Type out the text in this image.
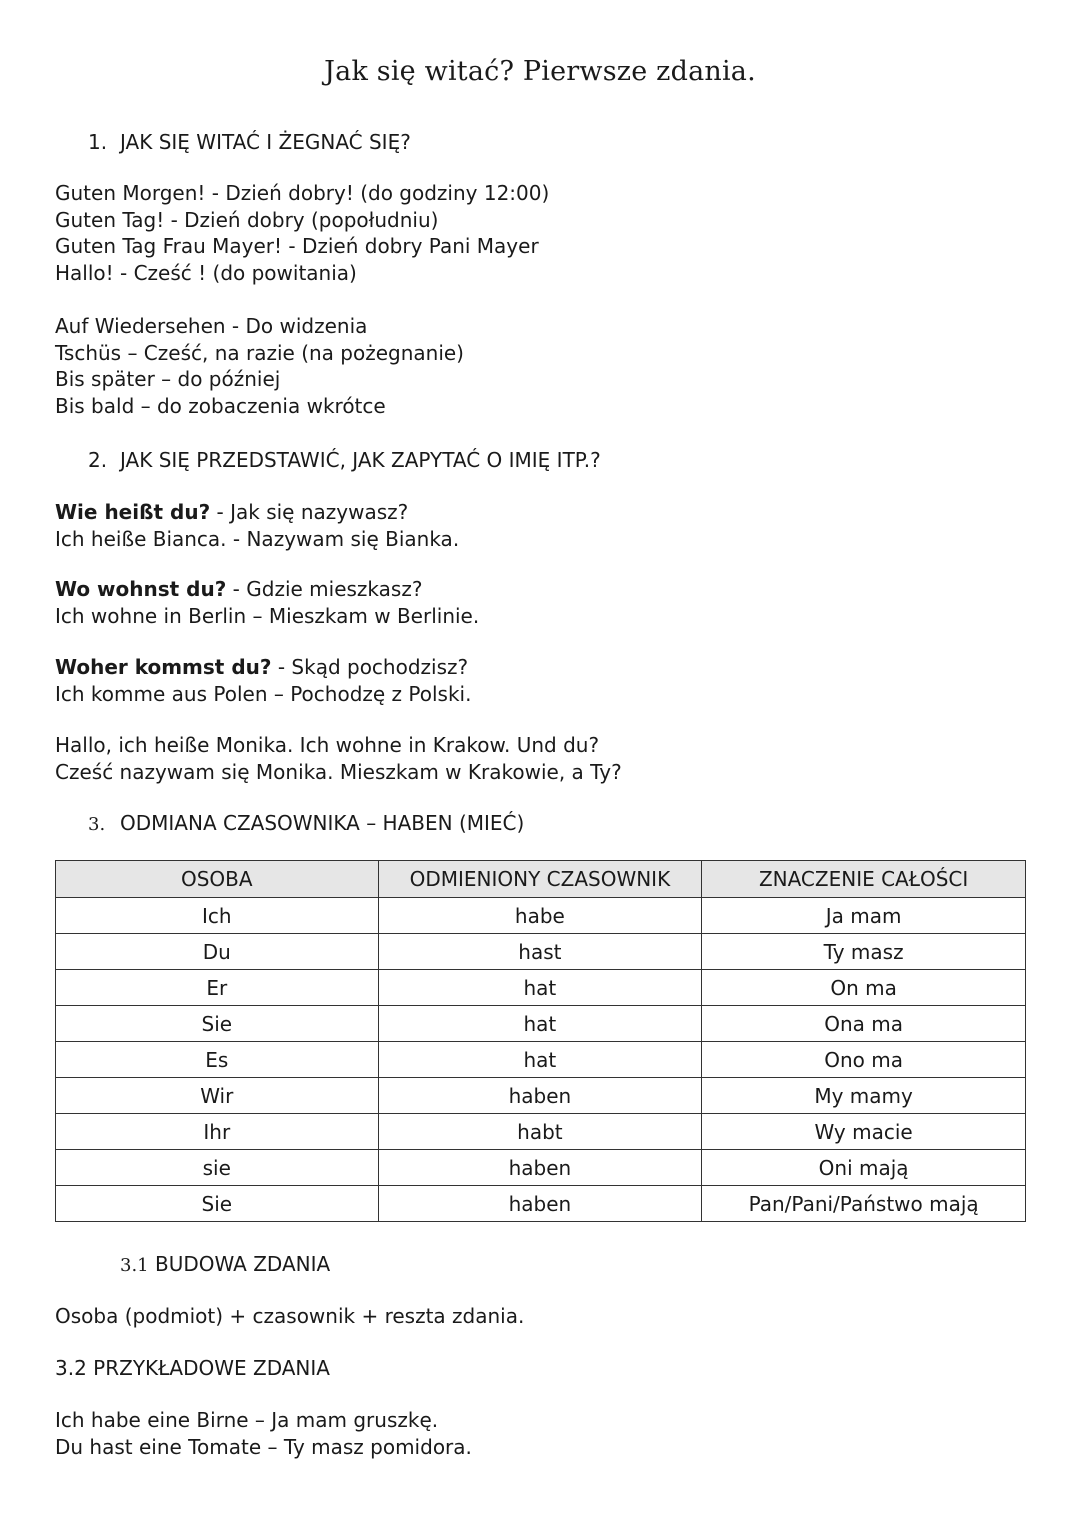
Jak się witać? Pierwsze zdania.
1. JAK SIĘ WITAĆ I ŻEGNAĆ SIĘ?
Guten Morgen! - Dzień dobry! (do godziny 12:00)
Guten Tag! - Dzień dobry (popołudniu)
Guten Tag Frau Mayer! - Dzień dobry Pani Mayer
Hallo! - Cześć ! (do powitania)
Auf Wiedersehen - Do widzenia
Tschüs – Cześć, na razie (na pożegnanie)
Bis später – do później
Bis bald – do zobaczenia wkrótce
2. JAK SIĘ PRZEDSTAWIĆ, JAK ZAPYTAĆ O IMIĘ ITP.?
Wie heißt du? - Jak się nazywasz?
Ich heiße Bianca. - Nazywam się Bianka.
Wo wohnst du? - Gdzie mieszkasz?
Ich wohne in Berlin – Mieszkam w Berlinie.
Woher kommst du? - Skąd pochodzisz?
Ich komme aus Polen – Pochodzę z Polski.
Hallo, ich heiße Monika. Ich wohne in Krakow. Und du?
Cześć nazywam się Monika. Mieszkam w Krakowie, a Ty?
3. ODMIANA CZASOWNIKA – HABEN (MIEĆ)
OSOBA	ODMIENIONY CZASOWNIK	ZNACZENIE CAŁOŚCI
Ich	habe	Ja mam
Du	hast	Ty masz
Er	hat	On ma
Sie	hat	Ona ma
Es	hat	Ono ma
Wir	haben	My mamy
Ihr	habt	Wy macie
sie	haben	Oni mają
Sie	haben	Pan/Pani/Państwo mają
3.1 BUDOWA ZDANIA
Osoba (podmiot) + czasownik + reszta zdania.
3.2 PRZYKŁADOWE ZDANIA
Ich habe eine Birne – Ja mam gruszkę.
Du hast eine Tomate – Ty masz pomidora.
